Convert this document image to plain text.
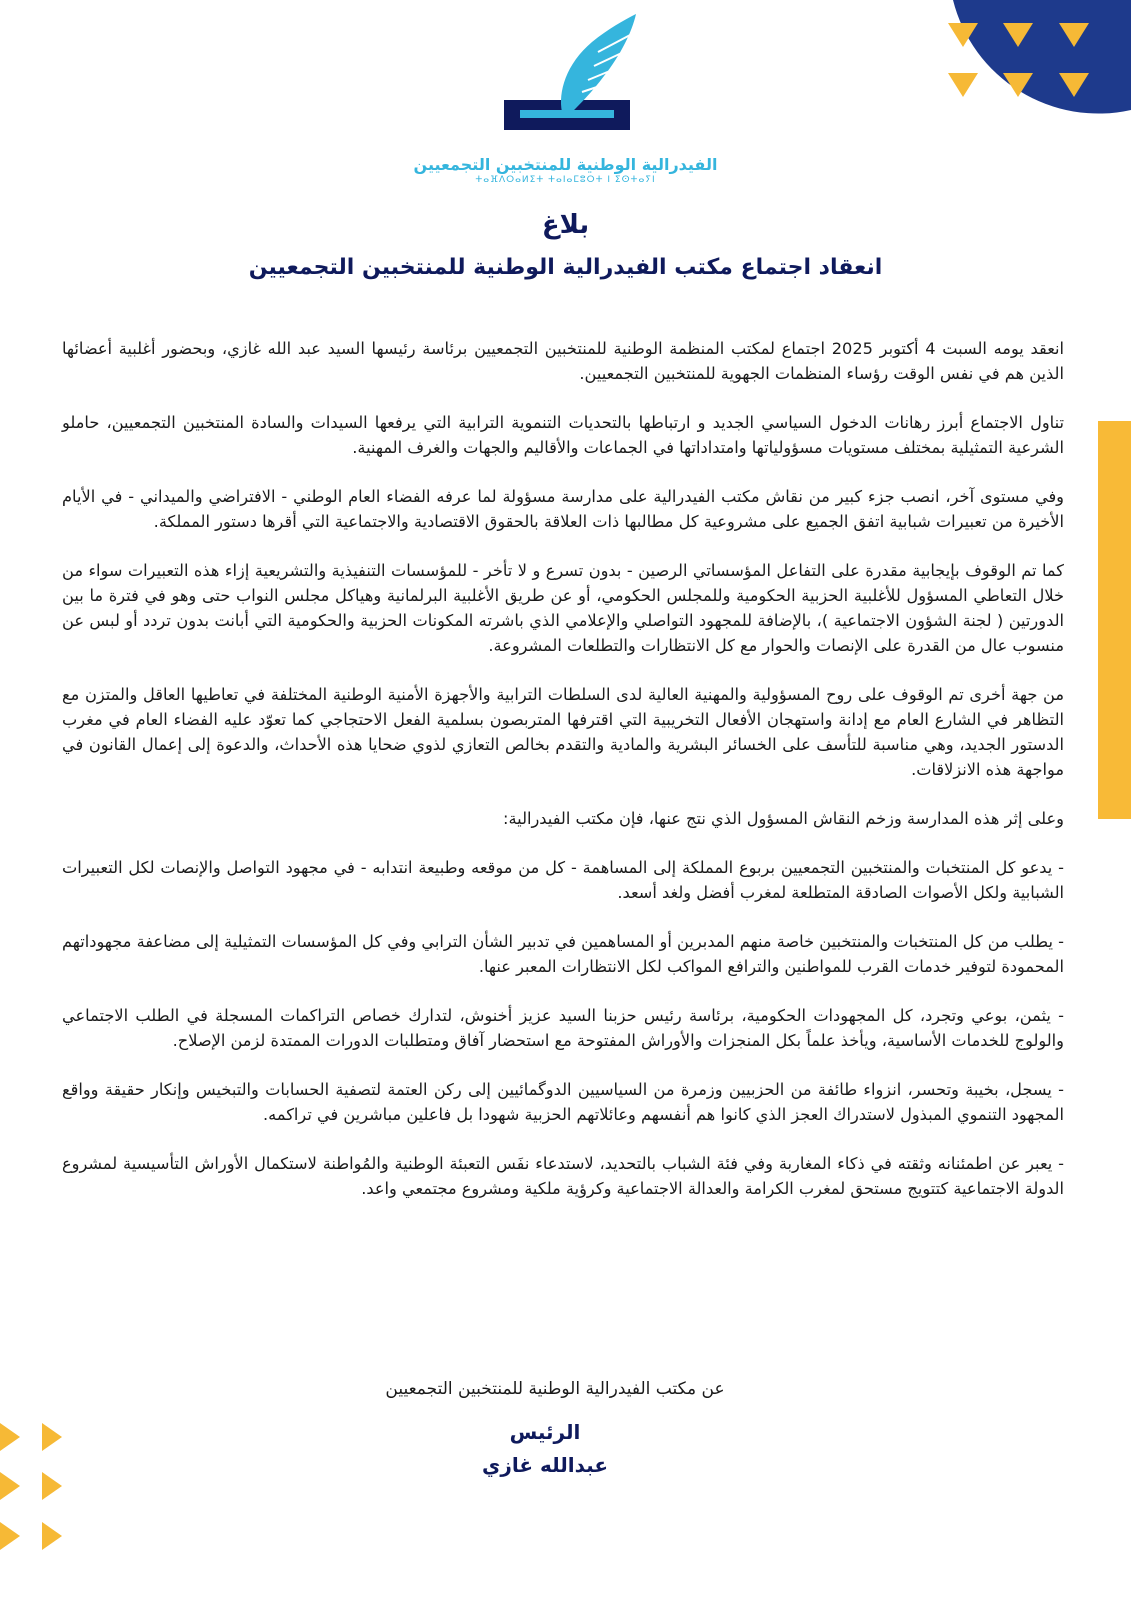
الفيدرالية الوطنية للمنتخبين التجمعيين
ⵜⴰⴼⴷⵔⴰⵍⵉⵜ ⵜⴰⵏⴰⵎⵓⵔⵜ ⵏ ⵉⵙⵜⴰⵢⵏ
بلاغ
انعقاد اجتماع مكتب الفيدرالية الوطنية للمنتخبين التجمعيين

انعقد يومه السبت 4 أكتوبر 2025 اجتماع لمكتب المنظمة الوطنية للمنتخبين التجمعيين برئاسة رئيسها السيد عبد الله غازي، وبحضور أغلبية أعضائها الذين هم في نفس الوقت رؤساء المنظمات الجهوية للمنتخبين التجمعيين.

تناول الاجتماع أبرز رهانات الدخول السياسي الجديد و ارتباطها بالتحديات التنموية الترابية التي يرفعها السيدات والسادة المنتخبين التجمعيين، حاملو الشرعية التمثيلية بمختلف مستويات مسؤولياتها وامتداداتها في الجماعات والأقاليم والجهات والغرف المهنية.

وفي مستوى آخر، انصب جزء كبير من نقاش مكتب الفيدرالية على مدارسة مسؤولة لما عرفه الفضاء العام الوطني - الافتراضي والميداني - في الأيام الأخيرة من تعبيرات شبابية اتفق الجميع على مشروعية كل مطالبها ذات العلاقة بالحقوق الاقتصادية والاجتماعية التي أقرها دستور المملكة.

كما تم الوقوف بإيجابية مقدرة على التفاعل المؤسساتي الرصين - بدون تسرع و لا تأخر - للمؤسسات التنفيذية والتشريعية إزاء هذه التعبيرات سواء من خلال التعاطي المسؤول للأغلبية الحزبية الحكومية وللمجلس الحكومي، أو عن طريق الأغلبية البرلمانية وهياكل مجلس النواب حتى وهو في فترة ما بين الدورتين ( لجنة الشؤون الاجتماعية )، بالإضافة للمجهود التواصلي والإعلامي الذي باشرته المكونات الحزبية والحكومية التي أبانت بدون تردد أو لبس عن منسوب عال من القدرة على الإنصات والحوار مع كل الانتظارات والتطلعات المشروعة.

من جهة أخرى تم الوقوف على روح المسؤولية والمهنية العالية لدى السلطات الترابية والأجهزة الأمنية الوطنية المختلفة في تعاطيها العاقل والمتزن مع التظاهر في الشارع العام مع إدانة واستهجان الأفعال التخريبية التي اقترفها المتربصون بسلمية الفعل الاحتجاجي كما تعوّد عليه الفضاء العام في مغرب الدستور الجديد، وهي مناسبة للتأسف على الخسائر البشرية والمادية والتقدم بخالص التعازي لذوي ضحايا هذه الأحداث، والدعوة إلى إعمال القانون في مواجهة هذه الانزلاقات.

وعلى إثر هذه المدارسة وزخم النقاش المسؤول الذي نتج عنها، فإن مكتب الفيدرالية:

- يدعو كل المنتخبات والمنتخبين التجمعيين بربوع المملكة إلى المساهمة - كل من موقعه وطبيعة انتدابه - في مجهود التواصل والإنصات لكل التعبيرات الشبابية ولكل الأصوات الصادقة المتطلعة لمغرب أفضل ولغد أسعد.

- يطلب من كل المنتخبات والمنتخبين خاصة منهم المدبرين أو المساهمين في تدبير الشأن الترابي وفي كل المؤسسات التمثيلية إلى مضاعفة مجهوداتهم المحمودة لتوفير خدمات القرب للمواطنين والترافع المواكب لكل الانتظارات المعبر عنها.

- يثمن، بوعي وتجرد، كل المجهودات الحكومية، برئاسة رئيس حزبنا السيد عزيز أخنوش، لتدارك خصاص التراكمات المسجلة في الطلب الاجتماعي والولوج للخدمات الأساسية، ويأخذ علماً بكل المنجزات والأوراش المفتوحة مع استحضار آفاق ومتطلبات الدورات الممتدة لزمن الإصلاح.

- يسجل، بخيبة وتحسر، انزواء طائفة من الحزبيين وزمرة من السياسيين الدوگمائيين إلى ركن العتمة لتصفية الحسابات والتبخيس وإنكار حقيقة وواقع المجهود التنموي المبذول لاستدراك العجز الذي كانوا هم أنفسهم وعائلاتهم الحزبية شهودا بل فاعلين مباشرين في تراكمه.

- يعبر عن اطمئنانه وثقته في ذكاء المغاربة وفي فئة الشباب بالتحديد، لاستدعاء نفَس التعبئة الوطنية والمُواطنة لاستكمال الأوراش التأسيسية لمشروع الدولة الاجتماعية كتتويج مستحق لمغرب الكرامة والعدالة الاجتماعية وكرؤية ملكية ومشروع مجتمعي واعد.

عن مكتب الفيدرالية الوطنية للمنتخبين التجمعيين
الرئيس
عبدالله غازي
